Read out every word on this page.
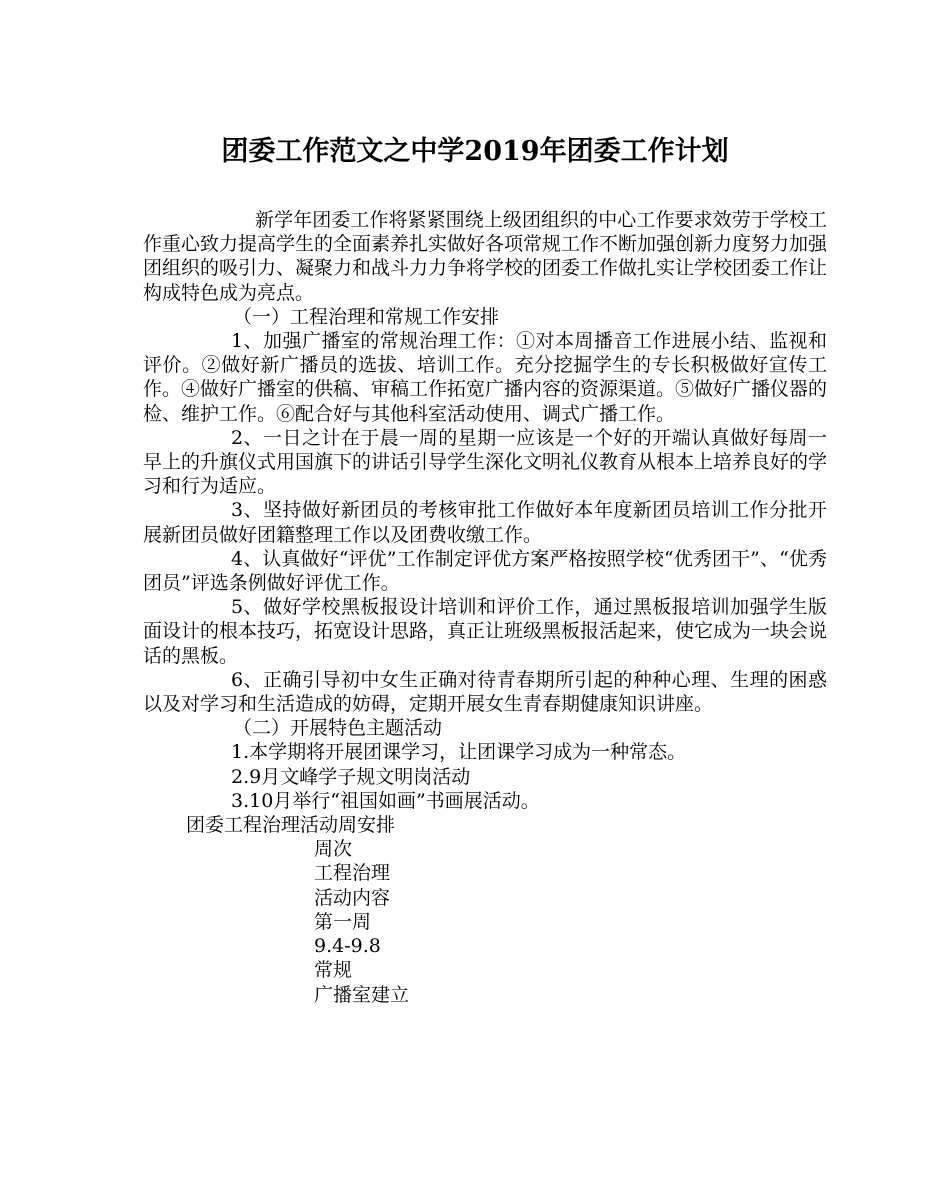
团委工作范文之中学2019年团委工作计划

新学年团委工作将紧紧围绕上级团组织的中心工作要求效劳于学校工作重心致力提高学生的全面素养扎实做好各项常规工作不断加强创新力度努力加强团组织的吸引力、凝聚力和战斗力力争将学校的团委工作做扎实让学校团委工作让构成特色成为亮点。

（一）工程治理和常规工作安排

1、加强广播室的常规治理工作：①对本周播音工作进展小结、监视和评价。②做好新广播员的选拔、培训工作。充分挖掘学生的专长积极做好宣传工作。④做好广播室的供稿、审稿工作拓宽广播内容的资源渠道。⑤做好广播仪器的检、维护工作。⑥配合好与其他科室活动使用、调式广播工作。

2、一日之计在于晨一周的星期一应该是一个好的开端认真做好每周一早上的升旗仪式用国旗下的讲话引导学生深化文明礼仪教育从根本上培养良好的学习和行为适应。

3、坚持做好新团员的考核审批工作做好本年度新团员培训工作分批开展新团员做好团籍整理工作以及团费收缴工作。

4、认真做好“评优”工作制定评优方案严格按照学校“优秀团干”、“优秀团员”评选条例做好评优工作。

5、做好学校黑板报设计培训和评价工作，通过黑板报培训加强学生版面设计的根本技巧，拓宽设计思路，真正让班级黑板报活起来，使它成为一块会说话的黑板。

6、正确引导初中女生正确对待青春期所引起的种种心理、生理的困惑以及对学习和生活造成的妨碍，定期开展女生青春期健康知识讲座。

（二）开展特色主题活动

1.本学期将开展团课学习，让团课学习成为一种常态。

2.9月文峰学子规文明岗活动

3.10月举行“祖国如画”书画展活动。

团委工程治理活动周安排

周次

工程治理

活动内容

第一周

9.4-9.8

常规

广播室建立
